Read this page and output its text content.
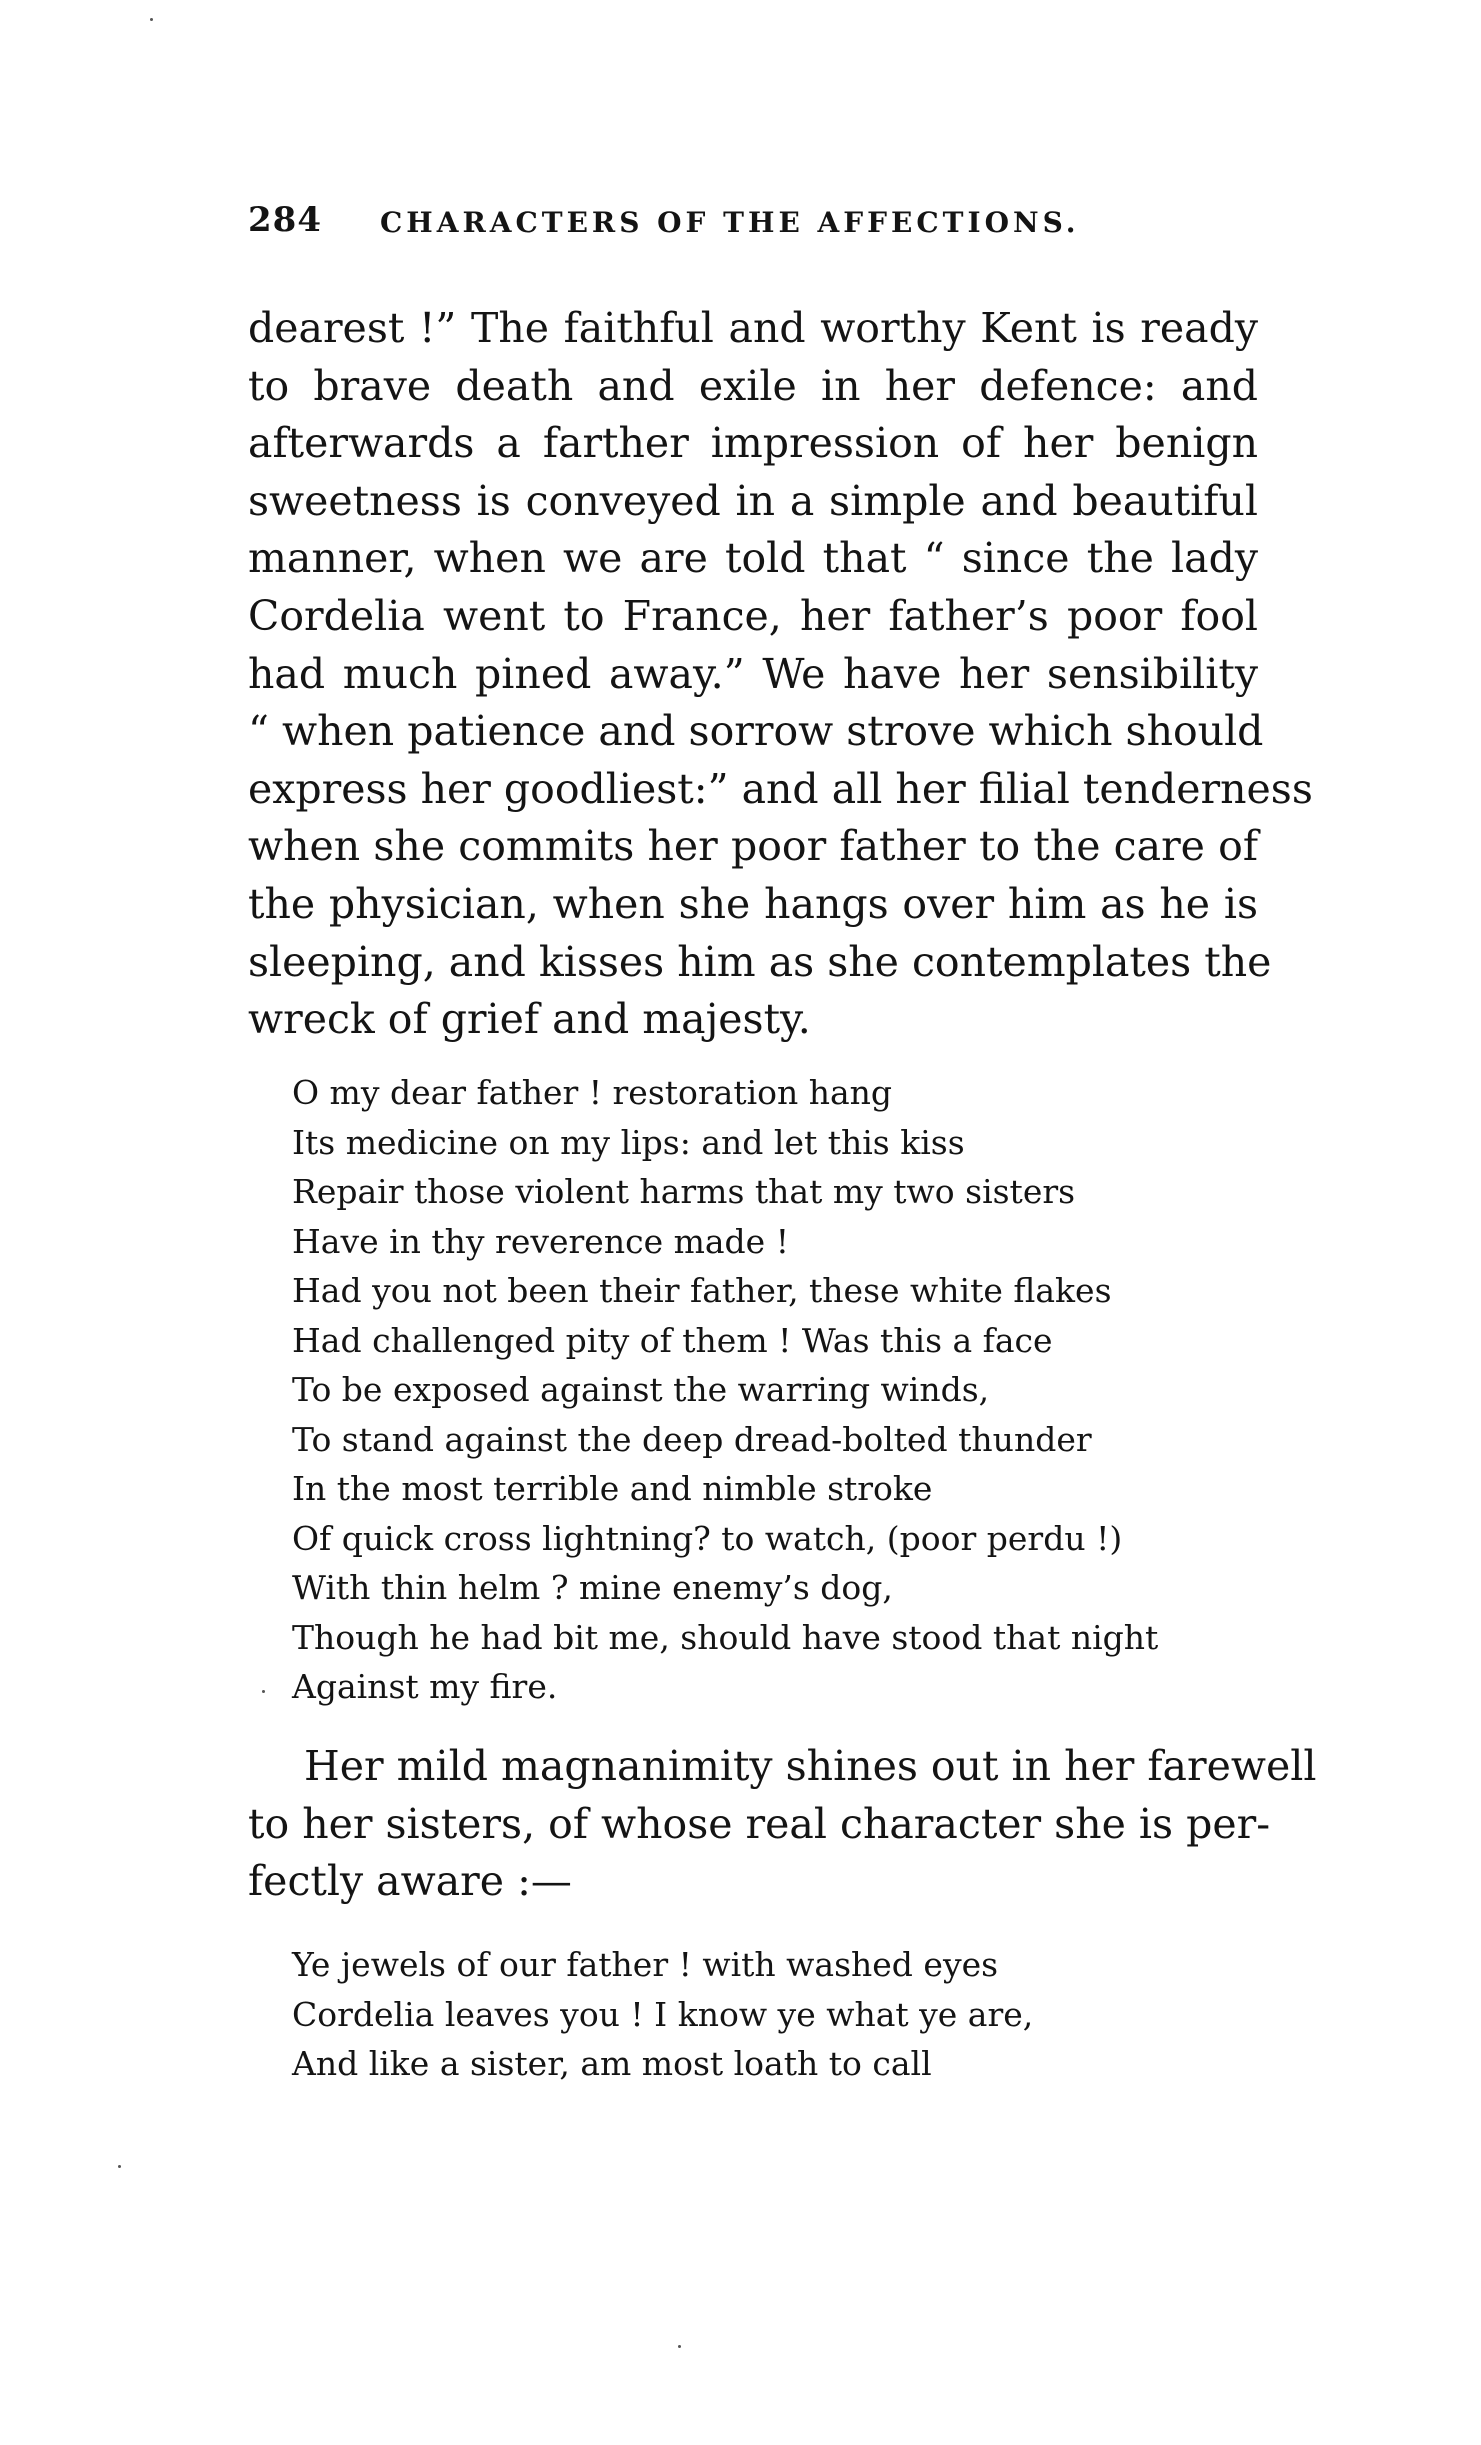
284 CHARACTERS OF THE AFFECTIONS.
dearest !” The faithful and worthy Kent is ready
to brave death and exile in her defence: and
afterwards a farther impression of her benign
sweetness is conveyed in a simple and beautiful
manner, when we are told that “ since the lady
Cordelia went to France, her father’s poor fool
had much pined away.” We have her sensibility
“ when patience and sorrow strove which should
express her goodliest:” and all her filial tenderness
when she commits her poor father to the care of
the physician, when she hangs over him as he is
sleeping, and kisses him as she contemplates the
wreck of grief and majesty.
O my dear father ! restoration hang
Its medicine on my lips: and let this kiss
Repair those violent harms that my two sisters
Have in thy reverence made !
Had you not been their father, these white flakes
Had challenged pity of them ! Was this a face
To be exposed against the warring winds,
To stand against the deep dread-bolted thunder
In the most terrible and nimble stroke
Of quick cross lightning? to watch, (poor perdu !)
With thin helm ? mine enemy’s dog,
Though he had bit me, should have stood that night
Against my fire.
Her mild magnanimity shines out in her farewell
to her sisters, of whose real character she is per-
fectly aware :—
Ye jewels of our father ! with washed eyes
Cordelia leaves you ! I know ye what ye are,
And like a sister, am most loath to call
